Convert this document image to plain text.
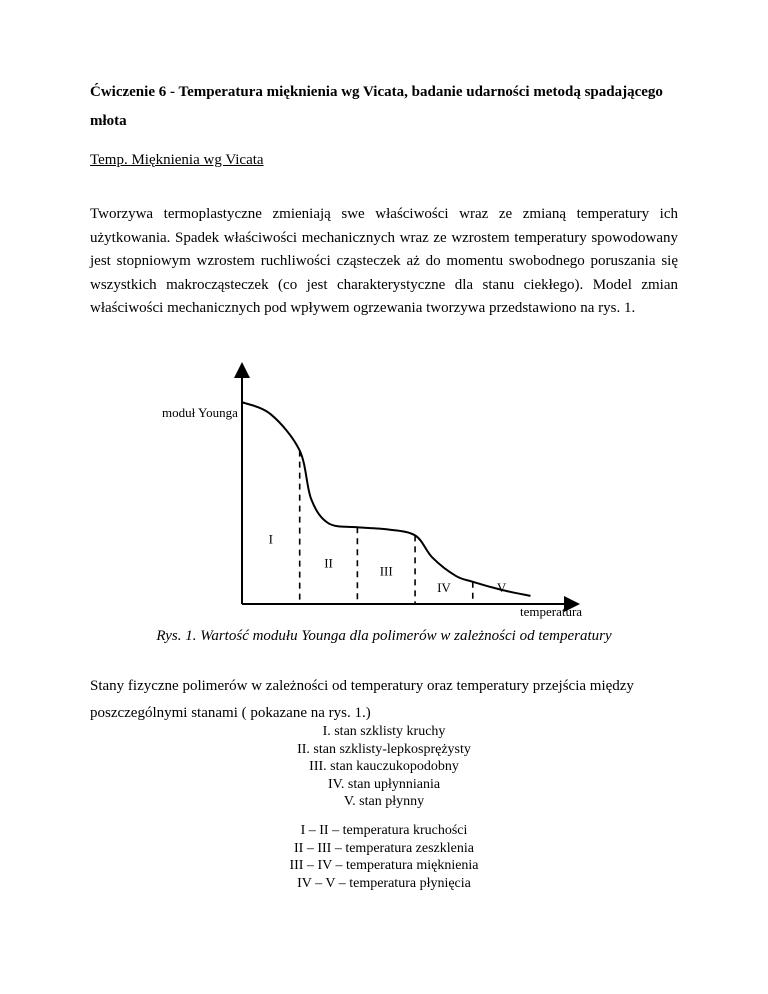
Ćwiczenie 6 - Temperatura mięknienia wg Vicata, badanie udarności metodą spadającego młota
Temp. Mięknienia wg Vicata

Tworzywa termoplastyczne zmieniają swe właściwości wraz ze zmianą temperatury ich użytkowania. Spadek właściwości mechanicznych wraz ze wzrostem temperatury spowodowany jest stopniowym wzrostem ruchliwości cząsteczek aż do momentu swobodnego poruszania się wszystkich makrocząsteczek (co jest charakterystyczne dla stanu ciekłego). Model zmian właściwości mechanicznych pod wpływem ogrzewania tworzywa przedstawiono na rys. 1.

moduł Younga
temperatura
I
II
III
IV	V
Rys. 1. Wartość modułu Younga dla polimerów w zależności od temperatury

Stany fizyczne polimerów w zależności od temperatury oraz temperatury przejścia między poszczególnymi stanami ( pokazane na rys. 1.)

I. stan szklisty kruchy
II. stan szklisty-lepkosprężysty
III. stan kauczukopodobny
IV. stan upłynniania
V. stan płynny
I – II – temperatura kruchości
II – III – temperatura zeszklenia
III – IV – temperatura mięknienia
IV – V – temperatura płynięcia
